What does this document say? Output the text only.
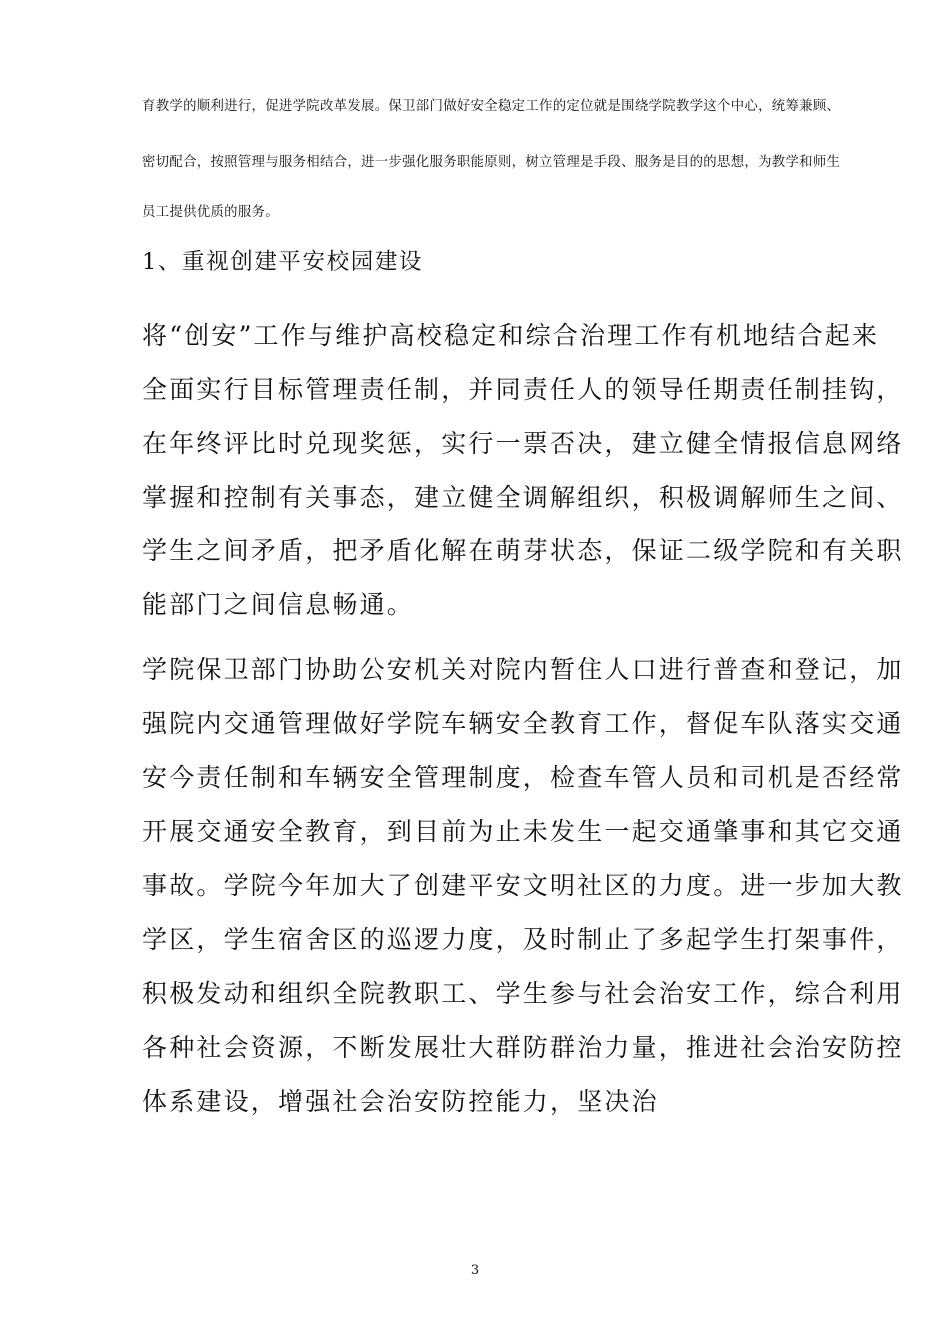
育教学的顺利进行，促进学院改革发展。保卫部门做好安全稳定工作的定位就是围绕学院教学这个中心，统筹兼顾、

密切配合，按照管理与服务相结合，进一步强化服务职能原则，树立管理是手段、服务是目的的思想，为教学和师生

员工提供优质的服务。

1、重视创建平安校园建设

将“创安”工作与维护高校稳定和综合治理工作有机地结合起来

全面实行目标管理责任制，并同责任人的领导任期责任制挂钩，

在年终评比时兑现奖惩，实行一票否决，建立健全情报信息网络

掌握和控制有关事态，建立健全调解组织，积极调解师生之间、

学生之间矛盾，把矛盾化解在萌芽状态，保证二级学院和有关职

能部门之间信息畅通。

学院保卫部门协助公安机关对院内暂住人口进行普查和登记，加

强院内交通管理做好学院车辆安全教育工作，督促车队落实交通

安今责任制和车辆安全管理制度，检查车管人员和司机是否经常

开展交通安全教育，到目前为止未发生一起交通肇事和其它交通

事故。学院今年加大了创建平安文明社区的力度。进一步加大教

学区，学生宿舍区的巡逻力度，及时制止了多起学生打架事件，

积极发动和组织全院教职工、学生参与社会治安工作，综合利用

各种社会资源，不断发展壮大群防群治力量，推进社会治安防控

体系建设，增强社会治安防控能力，坚决治

3
